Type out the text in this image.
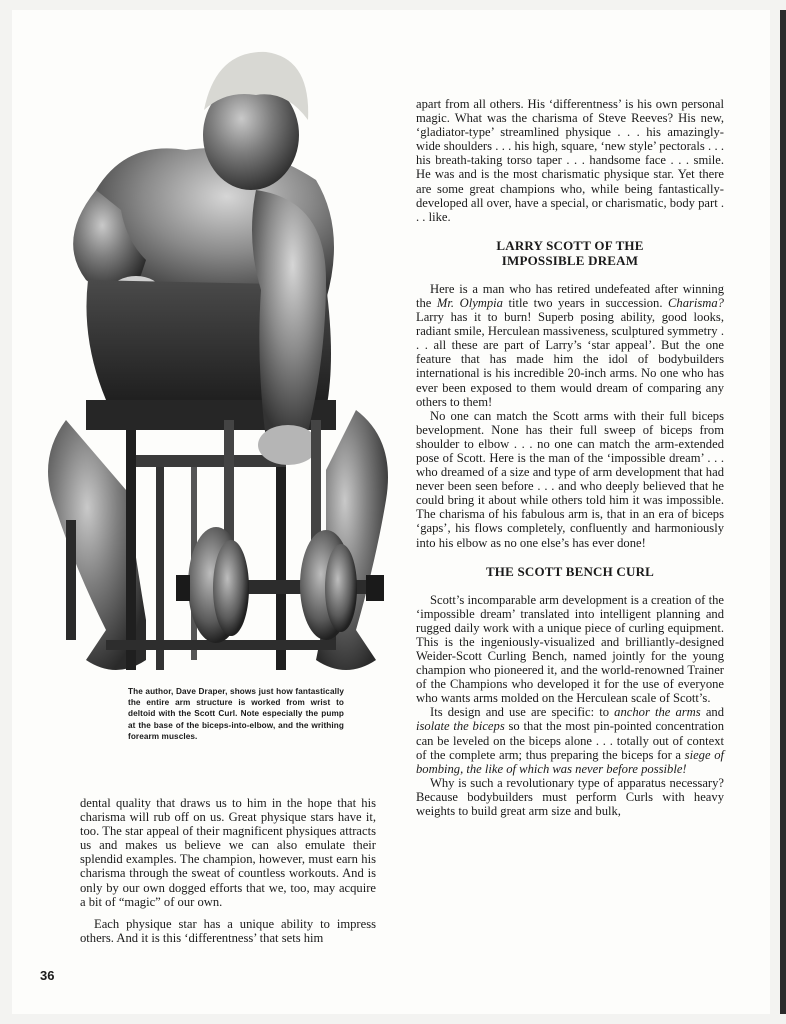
The author, Dave Draper, shows just how fantastically the entire arm structure is worked from wrist to deltoid with the Scott Curl. Note especially the pump at the base of the biceps-into-elbow, and the writhing forearm muscles.

dental quality that draws us to him in the hope that his charisma will rub off on us. Great physique stars have it, too. The star appeal of their magnificent physiques attracts us and makes us believe we can also emulate their splendid examples. The champion, however, must earn his charisma through the sweat of countless workouts. And is only by our own dogged efforts that we, too, may acquire a bit of “magic” of our own.

Each physique star has a unique ability to impress others. And it is this ‘differentness’ that sets him

apart from all others. His ‘differentness’ is his own personal magic. What was the charisma of Steve Reeves? His new, ‘gladiator-type’ streamlined physique . . . his amazingly-wide shoulders . . . his high, square, ‘new style’ pectorals . . . his breath-taking torso taper . . . handsome face . . . smile. He was and is the most charismatic physique star. Yet there are some great champions who, while being fantastically-developed all over, have a special, or charismatic, body part . . . like.

LARRY SCOTT OF THE
IMPOSSIBLE DREAM

Here is a man who has retired undefeated after winning the Mr. Olympia title two years in succession. Charisma? Larry has it to burn! Superb posing ability, good looks, radiant smile, Herculean massiveness, sculptured symmetry . . . all these are part of Larry’s ‘star appeal’. But the one feature that has made him the idol of bodybuilders international is his incredible 20-inch arms. No one who has ever been exposed to them would dream of comparing any others to them!

No one can match the Scott arms with their full biceps bevelopment. None has their full sweep of biceps from shoulder to elbow . . . no one can match the arm-extended pose of Scott. Here is the man of the ‘impossible dream’ . . . who dreamed of a size and type of arm development that had never been seen before . . . and who deeply believed that he could bring it about while others told him it was impossible. The charisma of his fabulous arm is, that in an era of biceps ‘gaps’, his flows completely, confluently and harmoniously into his elbow as no one else’s has ever done!

THE SCOTT BENCH CURL

Scott’s incomparable arm development is a creation of the ‘impossible dream’ translated into intelligent planning and rugged daily work with a unique piece of curling equipment. This is the ingeniously-visualized and brilliantly-designed Weider-Scott Curling Bench, named jointly for the young champion who pioneered it, and the world-renowned Trainer of the Champions who developed it for the use of everyone who wants arms molded on the Herculean scale of Scott’s.

Its design and use are specific: to anchor the arms and isolate the biceps so that the most pin-pointed concentration can be leveled on the biceps alone . . . totally out of context of the complete arm; thus preparing the biceps for a siege of bombing, the like of which was never before possible!

Why is such a revolutionary type of apparatus necessary? Because bodybuilders must perform Curls with heavy weights to build great arm size and bulk,

36
